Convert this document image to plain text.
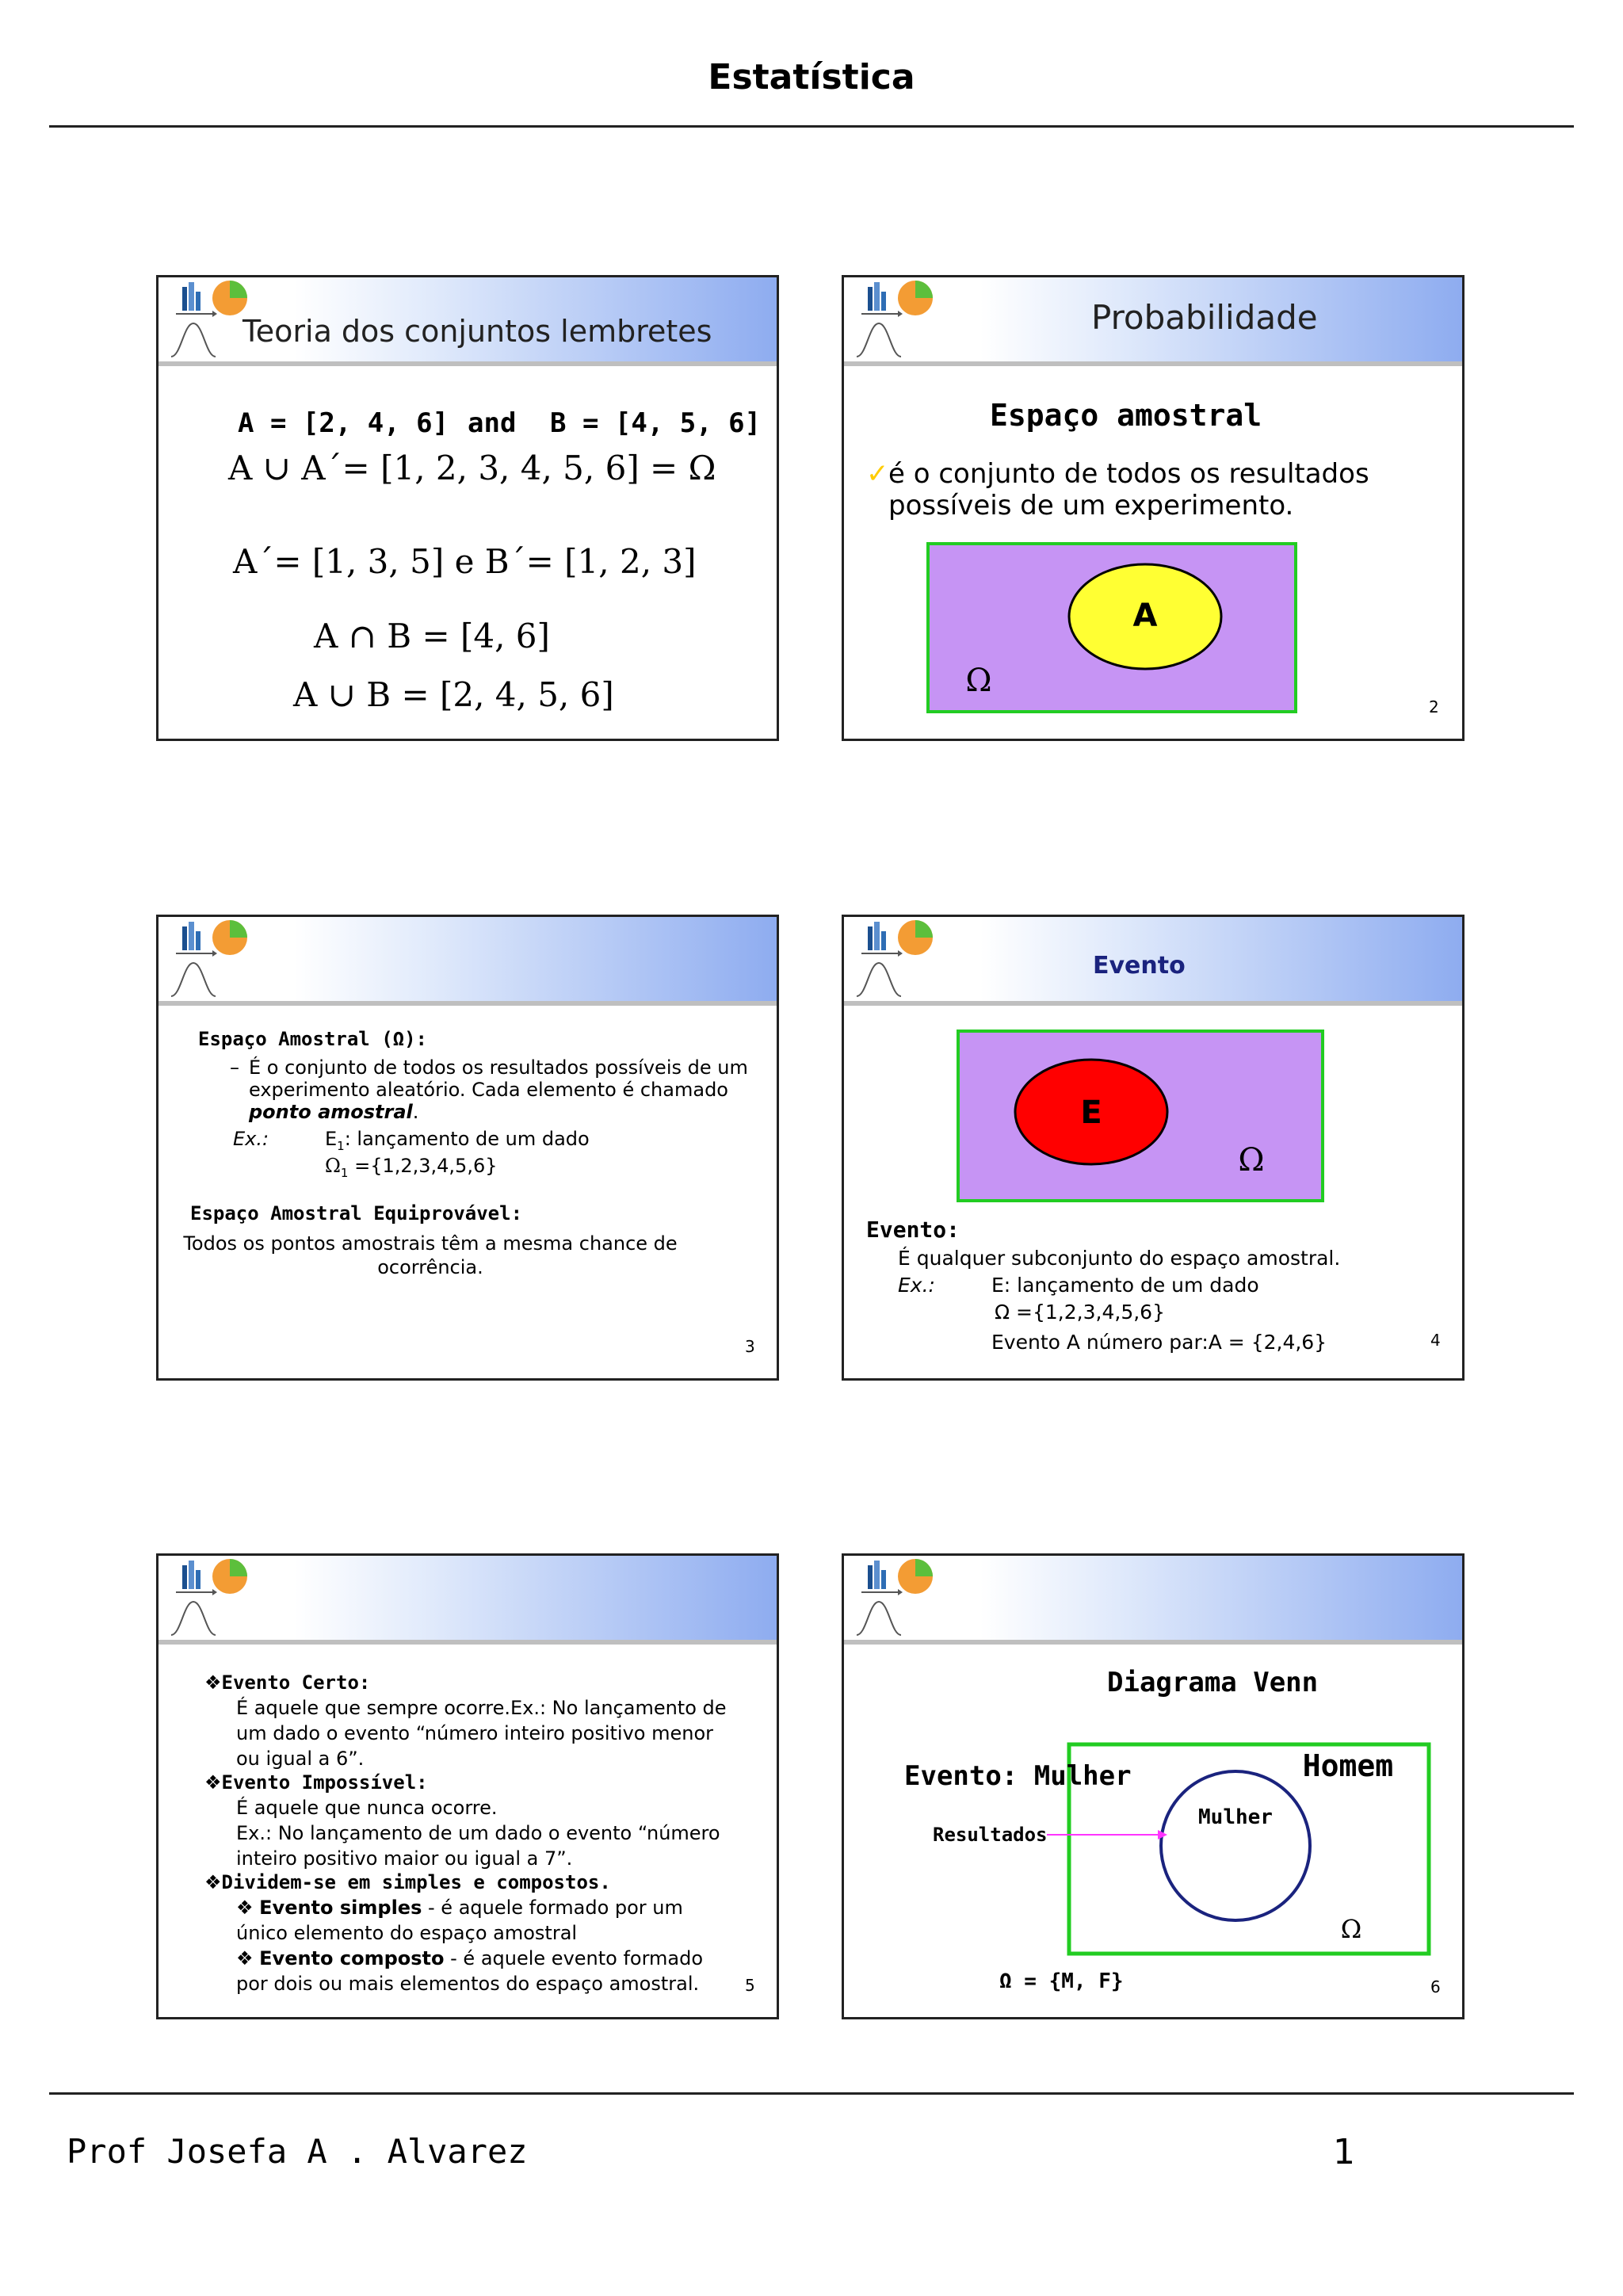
Estatística
Teoria dos conjuntos lembretes
A = [2, 4, 6] and B = [4, 5, 6]
A ∪ A´= [1, 2, 3, 4, 5, 6] = Ω
A´= [1, 3, 5] e B´= [1, 2, 3]
A ∩ B = [4, 6]
A ∪ B = [2, 4, 5, 6]
Probabilidade
Espaço amostral
✓ é o conjunto de todos os resultados
possíveis de um experimento.
A
Ω
2
Espaço Amostral (Ω):
– É o conjunto de todos os resultados possíveis de um
experimento aleatório. Cada elemento é chamado
ponto amostral.
Ex.:	$E_1$: lançamento de um dado
$\Omega_1 =\{1,2,3,4,5,6\}$
Espaço Amostral Equiprovável:
Todos os pontos amostrais têm a mesma chance de
ocorrência.
3
Evento
E
Ω
Evento:
É qualquer subconjunto do espaço amostral.
Ex.:	E: lançamento de um dado
Ω ={1,2,3,4,5,6}
Evento A número par:A = {2,4,6}	4
❖Evento Certo:
É aquele que sempre ocorre.Ex.: No lançamento de
um dado o evento “número inteiro positivo menor
ou igual a 6”.
❖Evento Impossível:
É aquele que nunca ocorre.
Ex.: No lançamento de um dado o evento “número
inteiro positivo maior ou igual a 7”.
❖Dividem-se em simples e compostos.
❖ Evento simples - é aquele formado por um
único elemento do espaço amostral
❖ Evento composto - é aquele evento formado
por dois ou mais elementos do espaço amostral.	5
Diagrama Venn
Mulher
Homem
Ω
Evento: Mulher
Resultados
Ω = {M, F}	6
Prof Josefa A . Alvarez	1
